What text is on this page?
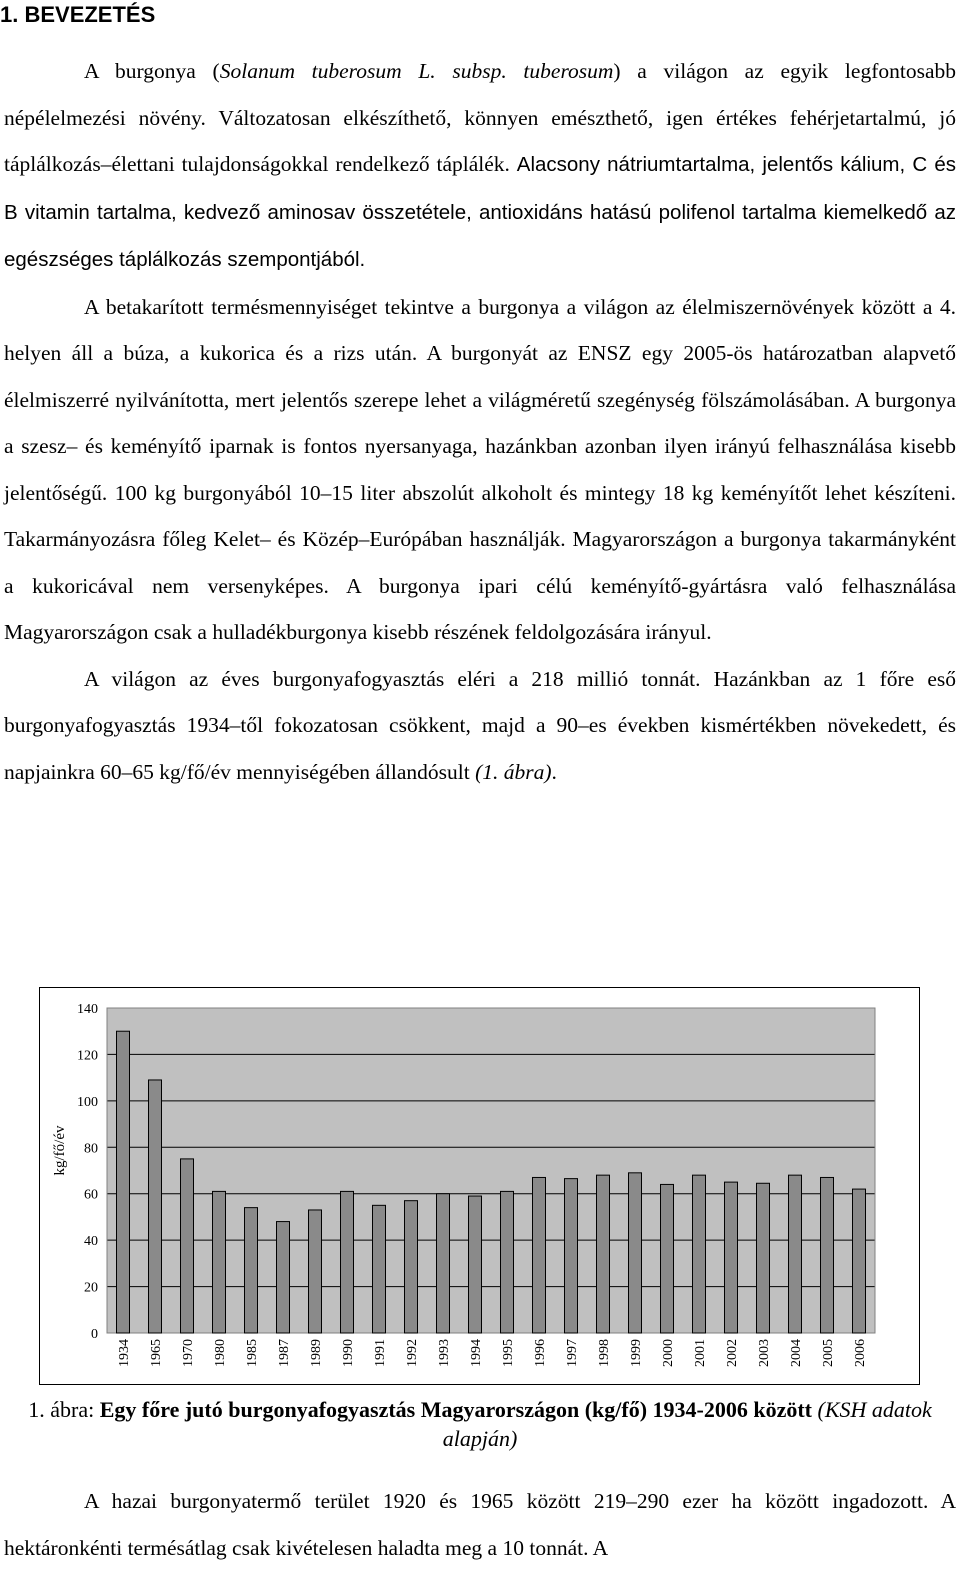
1. BEVEZETÉS

A burgonya (Solanum tuberosum L. subsp. tuberosum) a világon az egyik legfontosabb népélelmezési növény. Változatosan elkészíthető, könnyen emészthető, igen értékes fehérjetartalmú, jó táplálkozás–élettani tulajdonságokkal rendelkező táplálék. Alacsony nátriumtartalma, jelentős kálium, C és B vitamin tartalma, kedvező aminosav összetétele, antioxidáns hatású polifenol tartalma kiemelkedő az egészséges táplálkozás szempontjából.

A betakarított termésmennyiséget tekintve a burgonya a világon az élelmiszernövények között a 4. helyen áll a búza, a kukorica és a rizs után. A burgonyát az ENSZ egy 2005-ös határozatban alapvető élelmiszerré nyilvánította, mert jelentős szerepe lehet a világméretű szegénység fölszámolásában. A burgonya a szesz– és keményítő iparnak is fontos nyersanyaga, hazánkban azonban ilyen irányú felhasználása kisebb jelentőségű. 100 kg burgonyából 10–15 liter abszolút alkoholt és mintegy 18 kg keményítőt lehet készíteni. Takarmányozásra főleg Kelet– és Közép–Európában használják. Magyarországon a burgonya takarmányként a kukoricával nem versenyképes. A burgonya ipari célú keményítő-gyártásra való felhasználása Magyarországon csak a hulladékburgonya kisebb részének feldolgozására irányul.

A világon az éves burgonyafogyasztás eléri a 218 millió tonnát. Hazánkban az 1 főre eső burgonyafogyasztás 1934–től fokozatosan csökkent, majd a 90–es években kismértékben növekedett, és napjainkra 60–65 kg/fő/év mennyiségében állandósult (1. ábra).

0
20
40
60
80
100
120
140
1934 1965 1970 1980 1985 1987 1989 1990 1991 1992 1993 1994 1995 1996 1997 1998 1999 2000 2001 2002 2003 2004 2005 2006
kg/fő/év
1. ábra: Egy főre jutó burgonyafogyasztás Magyarországon (kg/fő) 1934-2006 között (KSH adatok alapján)

A hazai burgonyatermő terület 1920 és 1965 között 219–290 ezer ha között ingadozott. A hektáronkénti termésátlag csak kivételesen haladta meg a 10 tonnát. A
